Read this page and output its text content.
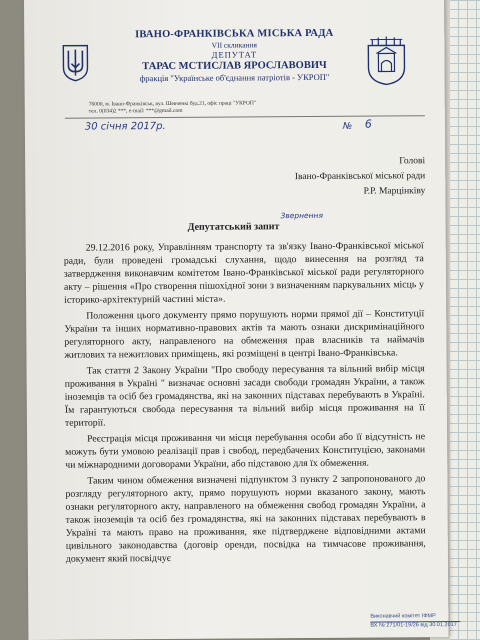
ІВАНО-ФРАНКІВСЬКА МІСЬКА РАДА
VII скликання
ДЕПУТАТ
ТАРАС МСТИСЛАВ ЯРОСЛАВОВИЧ
фракція "Українське об'єднання патріотів - УКРОП"
76000, м. Івано-Франківськ, вул. Шевченкі буд.21, офіс праці "УКРОП"
тел. 0(034)2 ***, e-mail: ***@gmail.com
30 січня 2017р.	№ 6
Голові
Івано-Франківської міської ради
Р.Р. Марцінківу
Звернення
Депутатський запит

29.12.2016 року, Управлінням транспорту та зв'язку Івано-Франківської міської ради, були проведені громадські слухання, щодо винесення на розгляд та затвердження виконавчим комітетом Івано-Франківської міської ради регуляторного акту – рішення «Про створення пішохідної зони з визначенням паркувальних місць у історико-архітектурній частині міста».

Положення цього документу прямо порушують норми прямої дії – Конституції України та інших нормативно-правових актів та мають ознаки дискримінаційного регуляторного акту, направленого на обмеження прав власників та наймачів житлових та нежитлових приміщень, які розміщені в центрі Івано-Франківська.

Так стаття 2 Закону України "Про свободу пересування та вільний вибір місця проживання в Україні " визначає основні засади свободи громадян України, а також іноземців та осіб без громадянства, які на законних підставах перебувають в Україні. Їм гарантуються свобода пересування та вільний вибір місця проживання на її території.

Реєстрація місця проживання чи місця перебування особи або її відсутність не можуть бути умовою реалізації прав і свобод, передбачених Конституцією, законами чи міжнародними договорами України, або підставою для їх обмеження.

Таким чином обмеження визначені підпунктом 3 пункту 2 запропонованого до розгляду регуляторного акту, прямо порушують норми вказаного закону, мають ознаки регуляторного акту, направленого на обмеження свобод громадян України, а також іноземців та осіб без громадянства, які на законних підставах перебувають в Україні та мають право на проживання, яке підтверджене відповідними актами цивільного законодавства (договір оренди, посвідка на тимчасове проживання, документ який посвідчує

Виконавчий комітет ІФМР
ВХ № 271/01-19/26 від 30.01.2017
